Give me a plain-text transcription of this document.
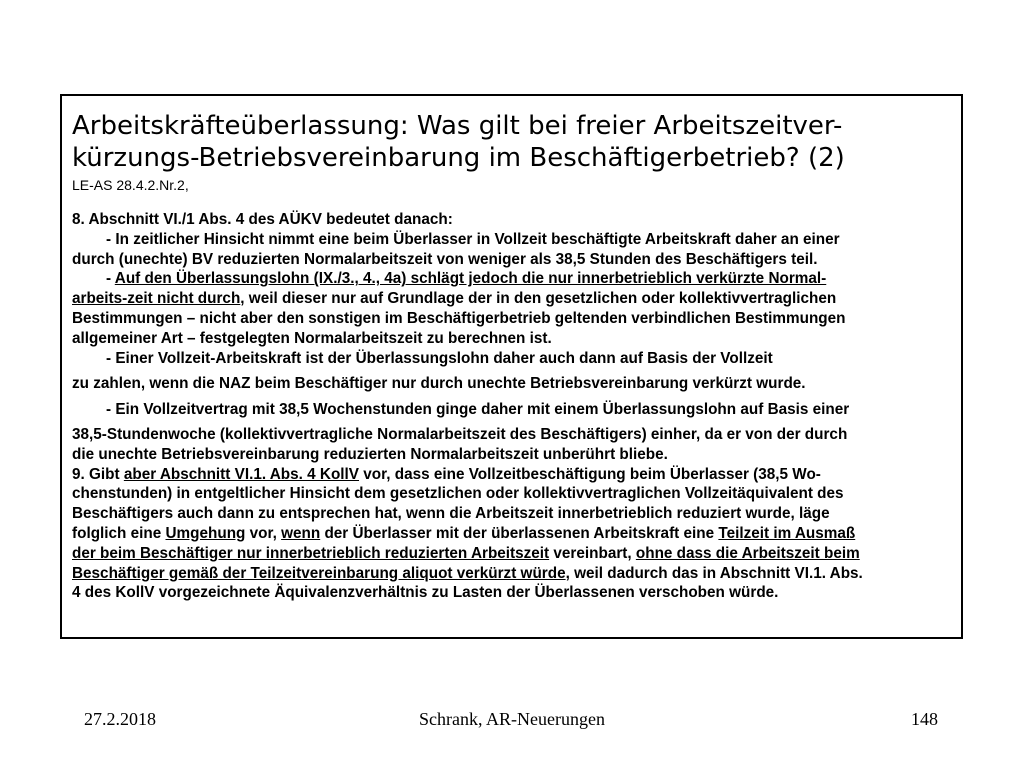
Arbeitskräfteüberlassung: Was gilt bei freier Arbeitszeitver-
kürzungs-Betriebsvereinbarung im Beschäftigerbetrieb? (2)
LE-AS 28.4.2.Nr.2,
8. Abschnitt VI./1 Abs. 4 des AÜKV bedeutet danach:
- In zeitlicher Hinsicht nimmt eine beim Überlasser in Vollzeit beschäftigte Arbeitskraft daher an einer
durch (unechte) BV reduzierten Normalarbeitszeit von weniger als 38,5 Stunden des Beschäftigers teil.
- Auf den Überlassungslohn (IX./3., 4., 4a) schlägt jedoch die nur innerbetrieblich verkürzte Normal-
arbeits-zeit nicht durch, weil dieser nur auf Grundlage der in den gesetzlichen oder kollektivvertraglichen
Bestimmungen – nicht aber den sonstigen im Beschäftigerbetrieb geltenden verbindlichen Bestimmungen
allgemeiner Art – festgelegten Normalarbeitszeit zu berechnen ist.
- Einer Vollzeit-Arbeitskraft ist der Überlassungslohn daher auch dann auf Basis der Vollzeit
zu zahlen, wenn die NAZ beim Beschäftiger nur durch unechte Betriebsvereinbarung verkürzt wurde.
- Ein Vollzeitvertrag mit 38,5 Wochenstunden ginge daher mit einem Überlassungslohn auf Basis einer
38,5-Stundenwoche (kollektivvertragliche Normalarbeitszeit des Beschäftigers) einher, da er von der durch
die unechte Betriebsvereinbarung reduzierten Normalarbeitszeit unberührt bliebe.
9. Gibt aber Abschnitt VI.1. Abs. 4 KollV vor, dass eine Vollzeitbeschäftigung beim Überlasser (38,5 Wo-
chenstunden) in entgeltlicher Hinsicht dem gesetzlichen oder kollektivvertraglichen Vollzeitäquivalent des
Beschäftigers auch dann zu entsprechen hat, wenn die Arbeitszeit innerbetrieblich reduziert wurde, läge
folglich eine Umgehung vor, wenn der Überlasser mit der überlassenen Arbeitskraft eine Teilzeit im Ausmaß
der beim Beschäftiger nur innerbetrieblich reduzierten Arbeitszeit vereinbart, ohne dass die Arbeitszeit beim
Beschäftiger gemäß der Teilzeitvereinbarung aliquot verkürzt würde, weil dadurch das in Abschnitt VI.1. Abs.
4 des KollV vorgezeichnete Äquivalenzverhältnis zu Lasten der Überlassenen verschoben würde.
27.2.2018	Schrank, AR-Neuerungen	148
